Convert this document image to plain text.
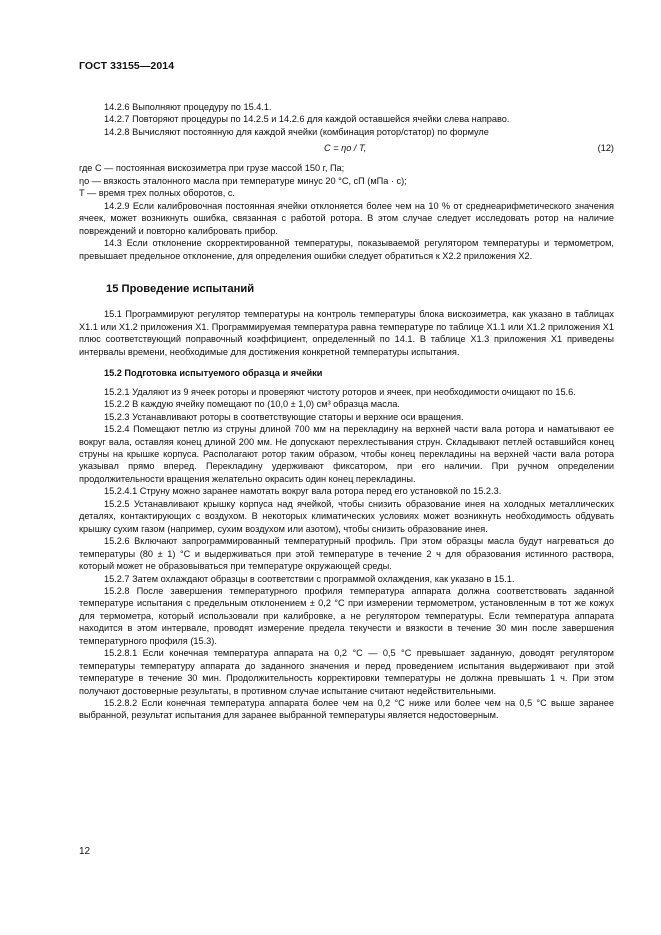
ГОСТ 33155—2014

14.2.6 Выполняют процедуру по 15.4.1.

14.2.7 Повторяют процедуры по 14.2.5 и 14.2.6 для каждой оставшейся ячейки слева направо.

14.2.8 Вычисляют постоянную для каждой ячейки (комбинация ротор/статор) по формуле

C = ηο / T,	(12)

где C — постоянная вискозиметра при грузе массой 150 г, Па;

ηο — вязкость эталонного масла при температуре минус 20 °С, сП (мПа · с);

T — время трех полных оборотов, с.

14.2.9 Если калибровочная постоянная ячейки отклоняется более чем на 10 % от среднеарифметического значения ячеек, может возникнуть ошибка, связанная с работой ротора. В этом случае следует исследовать ротор на наличие повреждений и повторно калибровать прибор.

14.3 Если отклонение скорректированной температуры, показываемой регулятором температуры и термометром, превышает предельное отклонение, для определения ошибки следует обратиться к Х2.2 приложения Х2.

15 Проведение испытаний

15.1 Программируют регулятор температуры на контроль температуры блока вискозиметра, как указано в таблицах Х1.1 или Х1.2 приложения Х1. Программируемая температура равна температуре по таблице Х1.1 или Х1.2 приложения Х1 плюс соответствующий поправочный коэффициент, определенный по 14.1. В таблице Х1.3 приложения Х1 приведены интервалы времени, необходимые для достижения конкретной температуры испытания.

15.2 Подготовка испытуемого образца и ячейки

15.2.1 Удаляют из 9 ячеек роторы и проверяют чистоту роторов и ячеек, при необходимости очищают по 15.6.

15.2.2 В каждую ячейку помещают по (10,0 ± 1,0) см³ образца масла.

15.2.3 Устанавливают роторы в соответствующие статоры и верхние оси вращения.

15.2.4 Помещают петлю из струны длиной 700 мм на перекладину на верхней части вала ротора и наматывают ее вокруг вала, оставляя конец длиной 200 мм. Не допускают перехлестывания струн. Складывают петлей оставшийся конец струны на крышке корпуса. Располагают ротор таким образом, чтобы конец перекладины на верхней части вала ротора указывал прямо вперед. Перекладину удерживают фиксатором, при его наличии. При ручном определении продолжительности вращения желательно окрасить один конец перекладины.

15.2.4.1 Струну можно заранее намотать вокруг вала ротора перед его установкой по 15.2.3.

15.2.5 Устанавливают крышку корпуса над ячейкой, чтобы снизить образование инея на холодных металлических деталях, контактирующих с воздухом. В некоторых климатических условиях может возникнуть необходимость обдувать крышку сухим газом (например, сухим воздухом или азотом), чтобы снизить образование инея.

15.2.6 Включают запрограммированный температурный профиль. При этом образцы масла будут нагреваться до температуры (80 ± 1) °С и выдерживаться при этой температуре в течение 2 ч для образования истинного раствора, который может не образовываться при температуре окружающей среды.

15.2.7 Затем охлаждают образцы в соответствии с программой охлаждения, как указано в 15.1.

15.2.8 После завершения температурного профиля температура аппарата должна соответствовать заданной температуре испытания с предельным отклонением ± 0,2 °С при измерении термометром, установленным в тот же кожух для термометра, который использовали при калибровке, а не регулятором температуры. Если температура аппарата находится в этом интервале, проводят измерение предела текучести и вязкости в течение 30 мин после завершения температурного профиля (15.3).

15.2.8.1 Если конечная температура аппарата на 0,2 °С — 0,5 °С превышает заданную, доводят регулятором температуры температуру аппарата до заданного значения и перед проведением испытания выдерживают при этой температуре в течение 30 мин. Продолжительность корректировки температуры не должна превышать 1 ч. При этом получают достоверные результаты, в противном случае испытание считают недействительными.

15.2.8.2 Если конечная температура аппарата более чем на 0,2 °С ниже или более чем на 0,5 °С выше заранее выбранной, результат испытания для заранее выбранной температуры является недостоверным.

12
